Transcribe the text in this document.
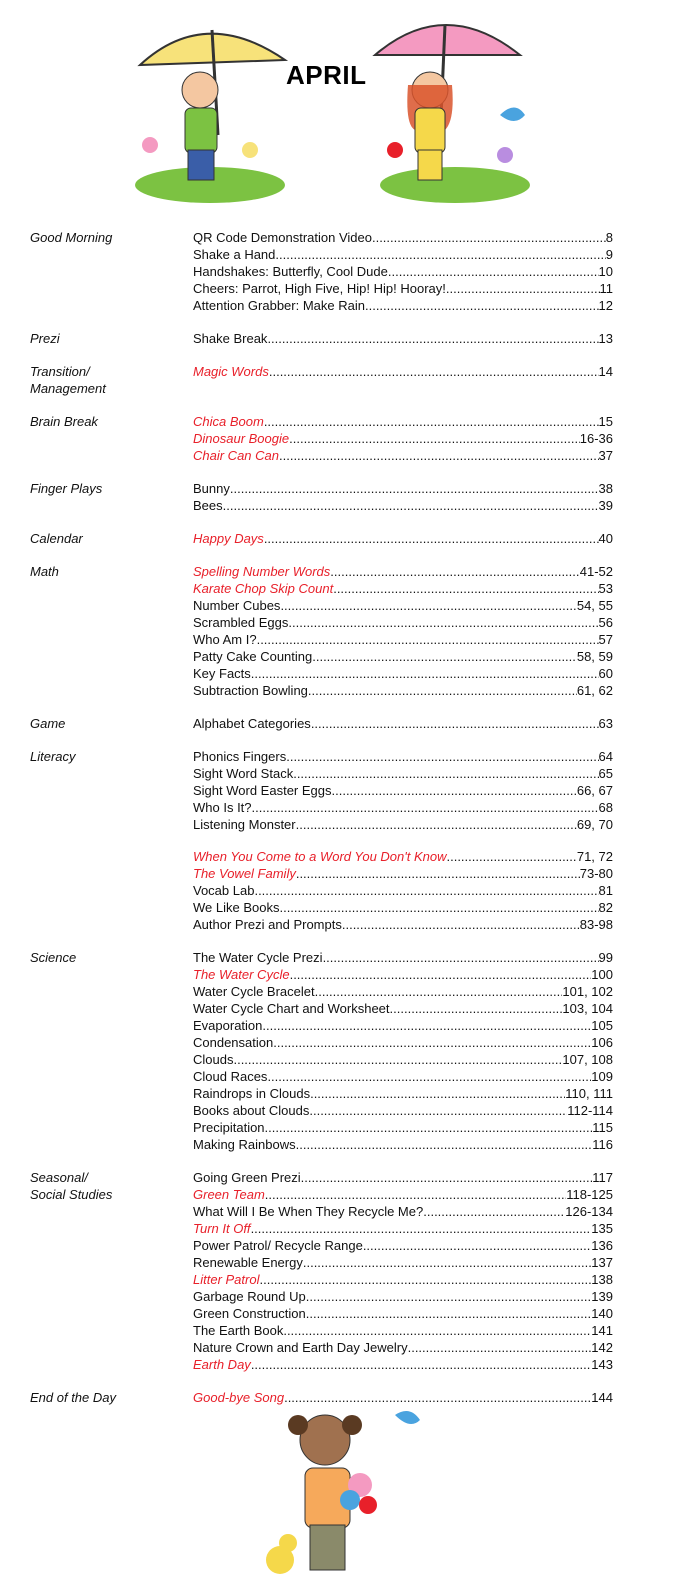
APRIL
Good Morning	QR Code Demonstration Video .....	8
Shake a Hand .....	9
Handshakes: Butterfly, Cool Dude .....	10
Cheers: Parrot, High Five, Hip! Hip! Hooray! .....	11
Attention Grabber: Make Rain .....	12
Prezi	Shake Break .....	13
Transition/
Management
Magic Words .....	14
Brain Break	Chica Boom .....	15
Dinosaur Boogie .....	16-36
Chair Can Can .....	37
Finger Plays	Bunny .....	38
Bees .....	39
Calendar	Happy Days .....	40
Math	Spelling Number Words .....	41-52
Karate Chop Skip Count .....	53
Number Cubes .....	54, 55
Scrambled Eggs .....	56
Who Am I? .....	57
Patty Cake Counting .....	58, 59
Key Facts .....	60
Subtraction Bowling .....	61, 62
Game	Alphabet Categories .....	63
Literacy	Phonics Fingers .....	64
Sight Word Stack .....	65
Sight Word Easter Eggs .....	66, 67
Who Is It? .....	68
Listening Monster .....	69, 70
When You Come to a Word You Don't Know .....	71, 72
The Vowel Family .....	73-80
Vocab Lab .....	81
We Like Books .....	82
Author Prezi and Prompts .....	83-98
Science	The Water Cycle Prezi .....	99
The Water Cycle .....	100
Water Cycle Bracelet .....	101, 102
Water Cycle Chart and Worksheet .....	103, 104
Evaporation .....	105
Condensation .....	106
Clouds .....	107, 108
Cloud Races .....	109
Raindrops in Clouds .....	110, 111
Books about Clouds .....	112-114
Precipitation .....	115
Making Rainbows .....	116
Seasonal/
Social Studies
Going Green Prezi .....	117
Green Team .....	118-125
What Will I Be When They Recycle Me? .....	126-134
Turn It Off .....	135
Power Patrol/ Recycle Range .....	136
Renewable Energy .....	137
Litter Patrol .....	138
Garbage Round Up .....	139
Green Construction .....	140
The Earth Book .....	141
Nature Crown and Earth Day Jewelry .....	142
Earth Day .....	143
End of the Day	Good-bye Song .....	144
